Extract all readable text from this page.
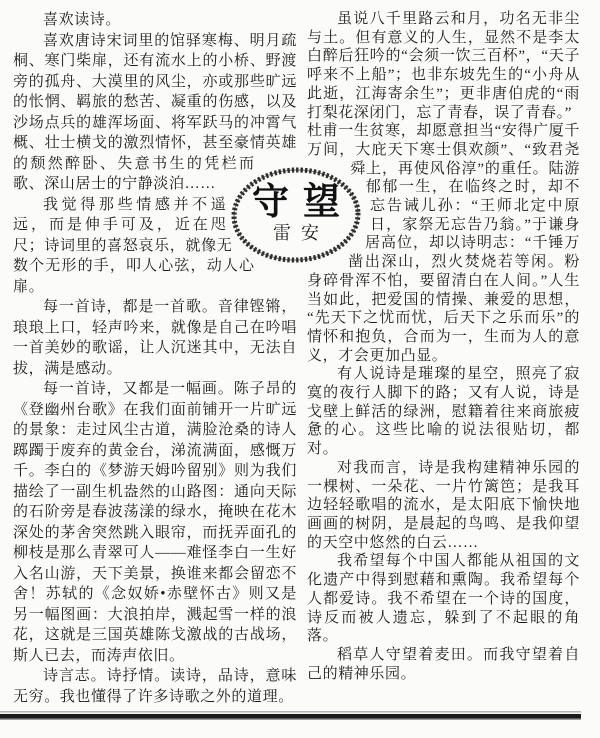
喜欢读诗。

喜欢唐诗宋词里的馆驿寒梅、明月疏桐、寒门柴扉，还有流水上的小桥、野渡旁的孤舟、大漠里的风尘，亦或那些旷远的怅惘、羁旅的愁苦、凝重的伤感，以及沙场点兵的雄浑场面、将军跃马的冲霄气概、壮士横戈的激烈情怀，甚至豪情英雄的颓然醉卧、失意书生的凭栏而歌、深山居士的宁静淡泊……

我觉得那些情感并不遥远，而是伸手可及，近在咫尺；诗词里的喜怒哀乐，就像无数个无形的手，叩人心弦，动人心扉。

每一首诗，都是一首歌。音律铿锵，琅琅上口，轻声吟来，就像是自己在吟唱一首美妙的歌谣，让人沉迷其中，无法自拔，满是感动。

每一首诗，又都是一幅画。陈子昂的《登幽州台歌》在我们面前铺开一片旷远的景象：走过风尘古道，满脸沧桑的诗人踯躅于废弃的黄金台，涕流满面，感慨万千。李白的《梦游天姆吟留别》则为我们描绘了一副生机盎然的山路图：通向天际的石阶旁是春波荡漾的绿水，掩映在花木深处的茅舍突然跳入眼帘，而抚弄面孔的柳枝是那么青翠可人——难怪李白一生好入名山游，天下美景，换谁来都会留恋不舍！苏轼的《念奴娇•赤壁怀古》则又是另一幅图画：大浪拍岸，溅起雪一样的浪花，这就是三国英雄陈戈激战的古战场，斯人已去，而涛声依旧。

诗言志。诗抒情。读诗，品诗，意味无穷。我也懂得了许多诗歌之外的道理。

虽说八千里路云和月，功名无非尘与土。但有意义的人生，显然不是李太白醉后狂吟的“会须一饮三百杯”，“天子呼来不上船”；也非东坡先生的“小舟从此逝，江海寄余生”；更非唐伯虎的“雨打梨花深闭门，忘了青春，误了青春。”

杜甫一生贫寒，却愿意担当“安得广厦千万间，大庇天下寒士俱欢颜”、“致君尧舜上，再使风俗淳”的重任。陆游郁郁一生，在临终之时，却不忘告诫儿孙：“王师北定中原日，家祭无忘告乃翁。”于谦身居高位，却以诗明志：“千锤万凿出深山，烈火焚烧若等闲。粉身碎骨浑不怕，要留清白在人间。”人生当如此，把爱国的情操、兼爱的思想，“先天下之忧而忧，后天下之乐而乐”的情怀和抱负，合而为一，生而为人的意义，才会更加凸显。

有人说诗是璀璨的星空，照亮了寂寞的夜行人脚下的路；又有人说，诗是戈壁上鲜活的绿洲，慰籍着往来商旅疲惫的心。这些比喻的说法很贴切，都对。

对我而言，诗是我构建精神乐园的一棵树、一朵花、一片竹篱笆；是我耳边轻轻歌唱的流水，是太阳底下愉快地画画的树阴，是晨起的鸟鸣、是我仰望的天空中悠然的白云……

我希望每个中国人都能从祖国的文化遗产中得到慰藉和熏陶。我希望每个人都爱诗。我不希望在一个诗的国度，诗反而被人遗忘，躲到了不起眼的角落。

稻草人守望着麦田。而我守望着自己的精神乐园。

守望
雷安
